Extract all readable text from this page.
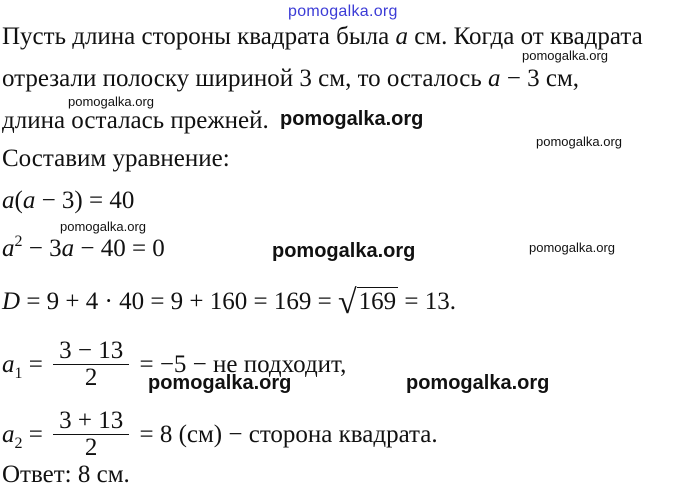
pomogalka.org
Пусть длина стороны квадрата была a см. Когда от квадрата
отрезали полоску шириной 3 см, то осталось a − 3 см,
длина осталась прежней.
Составим уравнение:
a(a − 3) = 40
$a^2 - 3a - 40 = 0$
D = 9 + 4 · 40 = 9 + 160 = 169 = √169 = 13.
$a_1 = \frac{3 - 13}{2} = -5$ − не подходит,
$a_2 = \frac{3 + 13}{2} = 8$ (см) − сторона квадрата.
Ответ: 8 см.
pomogalka.org
pomogalka.org
pomogalka.org
pomogalka.org
pomogalka.org
pomogalka.org	pomogalka.org
pomogalka.org	pomogalka.org
